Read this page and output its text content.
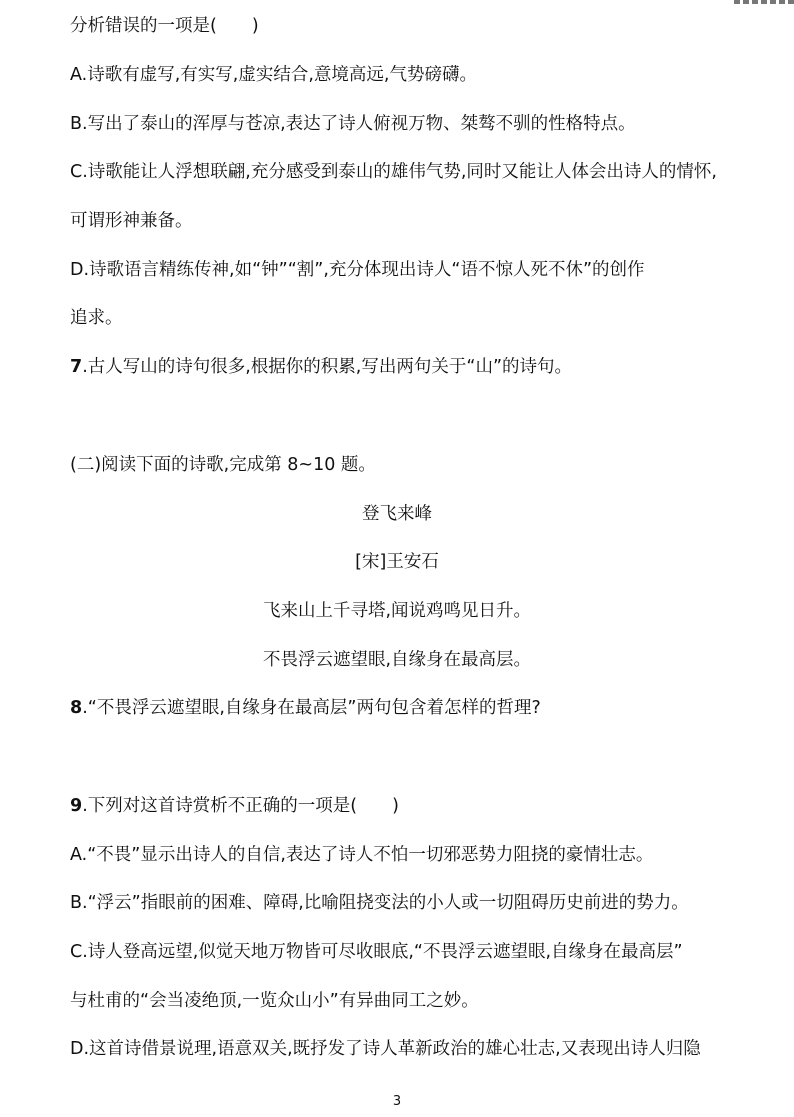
分析错误的一项是(　　)
A.诗歌有虚写,有实写,虚实结合,意境高远,气势磅礴。
B.写出了泰山的浑厚与苍凉,表达了诗人俯视万物、桀骜不驯的性格特点。
C.诗歌能让人浮想联翩,充分感受到泰山的雄伟气势,同时又能让人体会出诗人的情怀,
可谓形神兼备。
D.诗歌语言精练传神,如“钟”“割”,充分体现出诗人“语不惊人死不休”的创作
追求。
7.古人写山的诗句很多,根据你的积累,写出两句关于“山”的诗句。
(二)阅读下面的诗歌,完成第 8~10 题。
登飞来峰
[宋]王安石
飞来山上千寻塔,闻说鸡鸣见日升。
不畏浮云遮望眼,自缘身在最高层。
8.“不畏浮云遮望眼,自缘身在最高层”两句包含着怎样的哲理?
9.下列对这首诗赏析不正确的一项是(　　)
A.“不畏”显示出诗人的自信,表达了诗人不怕一切邪恶势力阻挠的豪情壮志。
B.“浮云”指眼前的困难、障碍,比喻阻挠变法的小人或一切阻碍历史前进的势力。
C.诗人登高远望,似觉天地万物皆可尽收眼底,“不畏浮云遮望眼,自缘身在最高层”
与杜甫的“会当凌绝顶,一览众山小”有异曲同工之妙。
D.这首诗借景说理,语意双关,既抒发了诗人革新政治的雄心壮志,又表现出诗人归隐
3
